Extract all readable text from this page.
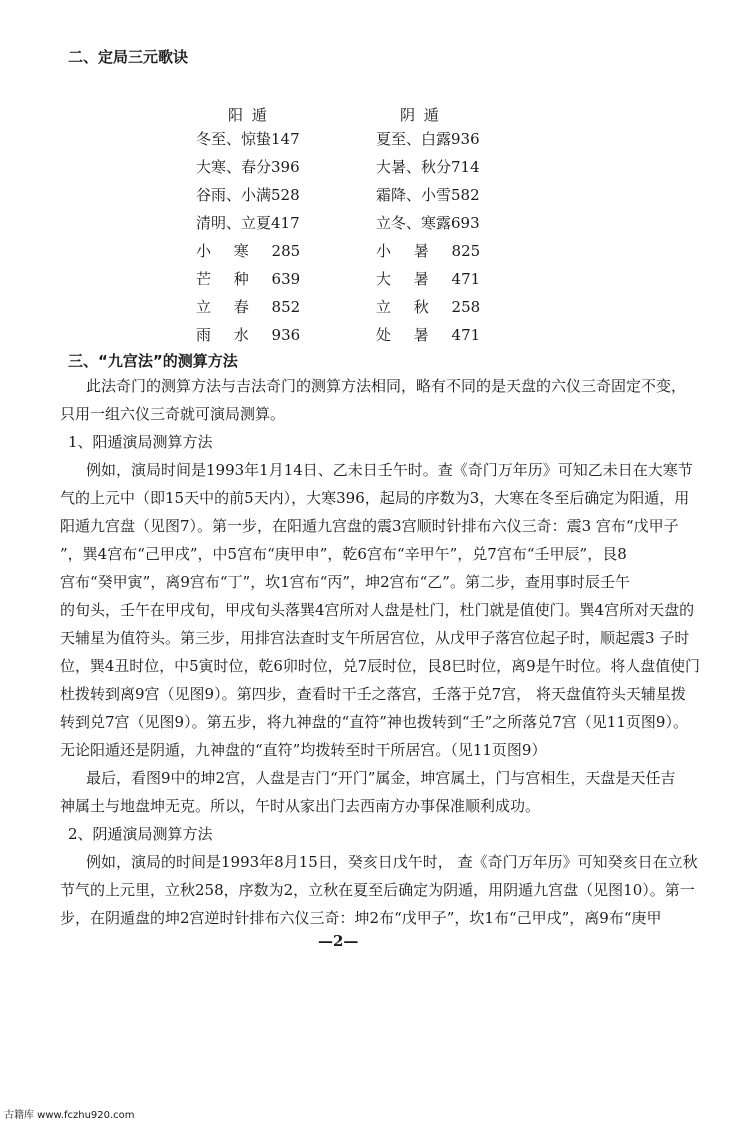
二、定局三元歌诀
阳 遁	阴 遁
冬至、惊蛰147
大寒、春分396
谷雨、小满528
清明、立夏417
小 寒 285
芒 种 639
立 春 852
雨 水 936
夏至、白露936
大暑、秋分714
霜降、小雪582
立冬、寒露693
小 暑 825
大 暑 471
立 秋 258
处 暑 471
三、“九宫法”的测算方法
此法奇门的测算方法与吉法奇门的测算方法相同，略有不同的是天盘的六仪三奇固定不变，
只用一组六仪三奇就可演局测算。
1、阳遁演局测算方法
例如，演局时间是1993年1月14日、乙未日壬午时。查《奇门万年历》可知乙未日在大寒节
气的上元中（即15天中的前5天内），大寒396，起局的序数为3，大寒在冬至后确定为阳遁，用
阳遁九宫盘（见图7）。第一步，在阳遁九宫盘的震3宫顺时针排布六仪三奇：震3 宫布“戊甲子
”，巽4宫布“己甲戌”，中5宫布“庚甲申”，乾6宫布“辛甲午”，兑7宫布“壬甲辰”，艮8
宫布“癸甲寅”，离9宫布“丁”，坎1宫布“丙”，坤2宫布“乙”。第二步，查用事时辰壬午
的旬头，壬午在甲戌旬，甲戌旬头落巽4宫所对人盘是杜门，杜门就是值使门。巽4宫所对天盘的
天辅星为值符头。第三步，用排宫法查时支午所居宫位，从戊甲子落宫位起子时，顺起震3 子时
位，巽4丑时位，中5寅时位，乾6卯时位，兑7辰时位，艮8巳时位，离9是午时位。将人盘值使门
杜拨转到离9宫（见图9）。第四步，查看时干壬之落宫，壬落于兑7宫， 将天盘值符头天辅星拨
转到兑7宫（见图9）。第五步，将九神盘的“直符”神也拨转到“壬”之所落兑7宫（见11页图9）。
无论阳遁还是阴遁，九神盘的“直符”均拨转至时干所居宫。（见11页图9）
最后，看图9中的坤2宫，人盘是吉门“开门”属金，坤宫属土，门与宫相生，天盘是天任吉
神属土与地盘坤无克。所以，午时从家出门去西南方办事保准顺利成功。
2、阴遁演局测算方法
例如，演局的时间是1993年8月15日，癸亥日戊午时， 查《奇门万年历》可知癸亥日在立秋
节气的上元里，立秋258，序数为2，立秋在夏至后确定为阴遁，用阴遁九宫盘（见图10）。第一
步，在阴遁盘的坤2宫逆时针排布六仪三奇：坤2布“戊甲子”，坎1布“己甲戌”，离9布“庚甲
—2—
古籍库 www.fczhu920.com
